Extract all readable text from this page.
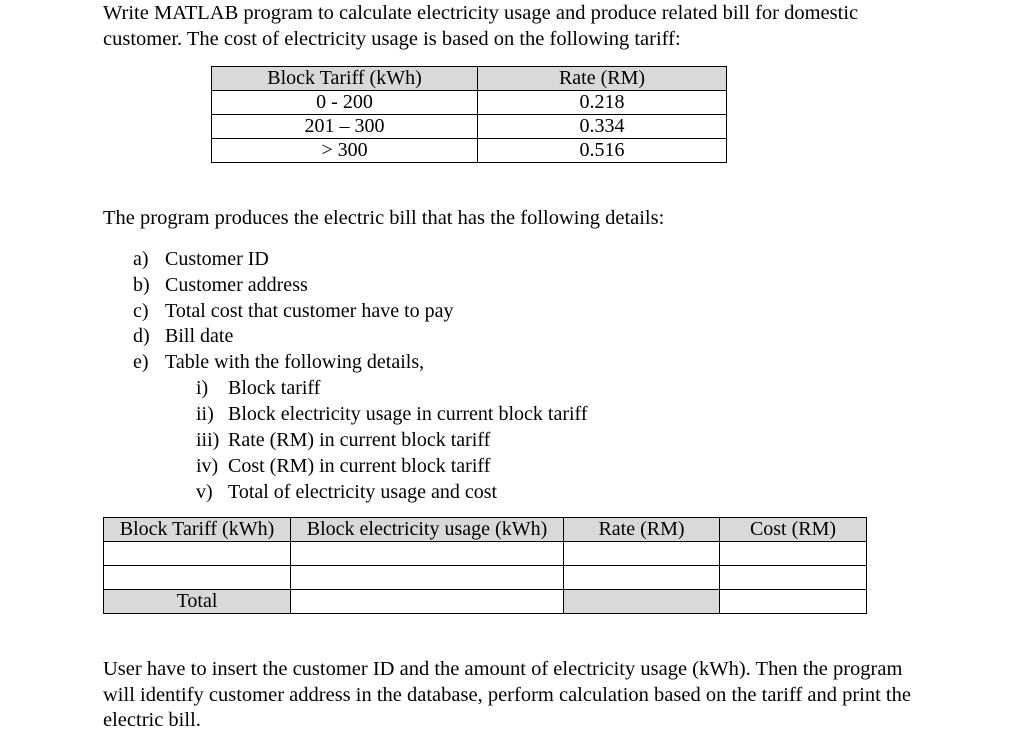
Write MATLAB program to calculate electricity usage and produce related bill for domestic customer. The cost of electricity usage is based on the following tariff:

Block Tariff (kWh)	Rate (RM)
0 - 200	0.218
201 – 300	0.334
> 300	0.516

The program produces the electric bill that has the following details:

a) Customer ID
b) Customer address
c) Total cost that customer have to pay
d) Bill date
e) Table with the following details,
i) Block tariff
ii) Block electricity usage in current block tariff
iii) Rate (RM) in current block tariff
iv) Cost (RM) in current block tariff
v) Total of electricity usage and cost
Block Tariff (kWh)	Block electricity usage (kWh)	Rate (RM)	Cost (RM)

Total			

User have to insert the customer ID and the amount of electricity usage (kWh). Then the program will identify customer address in the database, perform calculation based on the tariff and print the electric bill.
